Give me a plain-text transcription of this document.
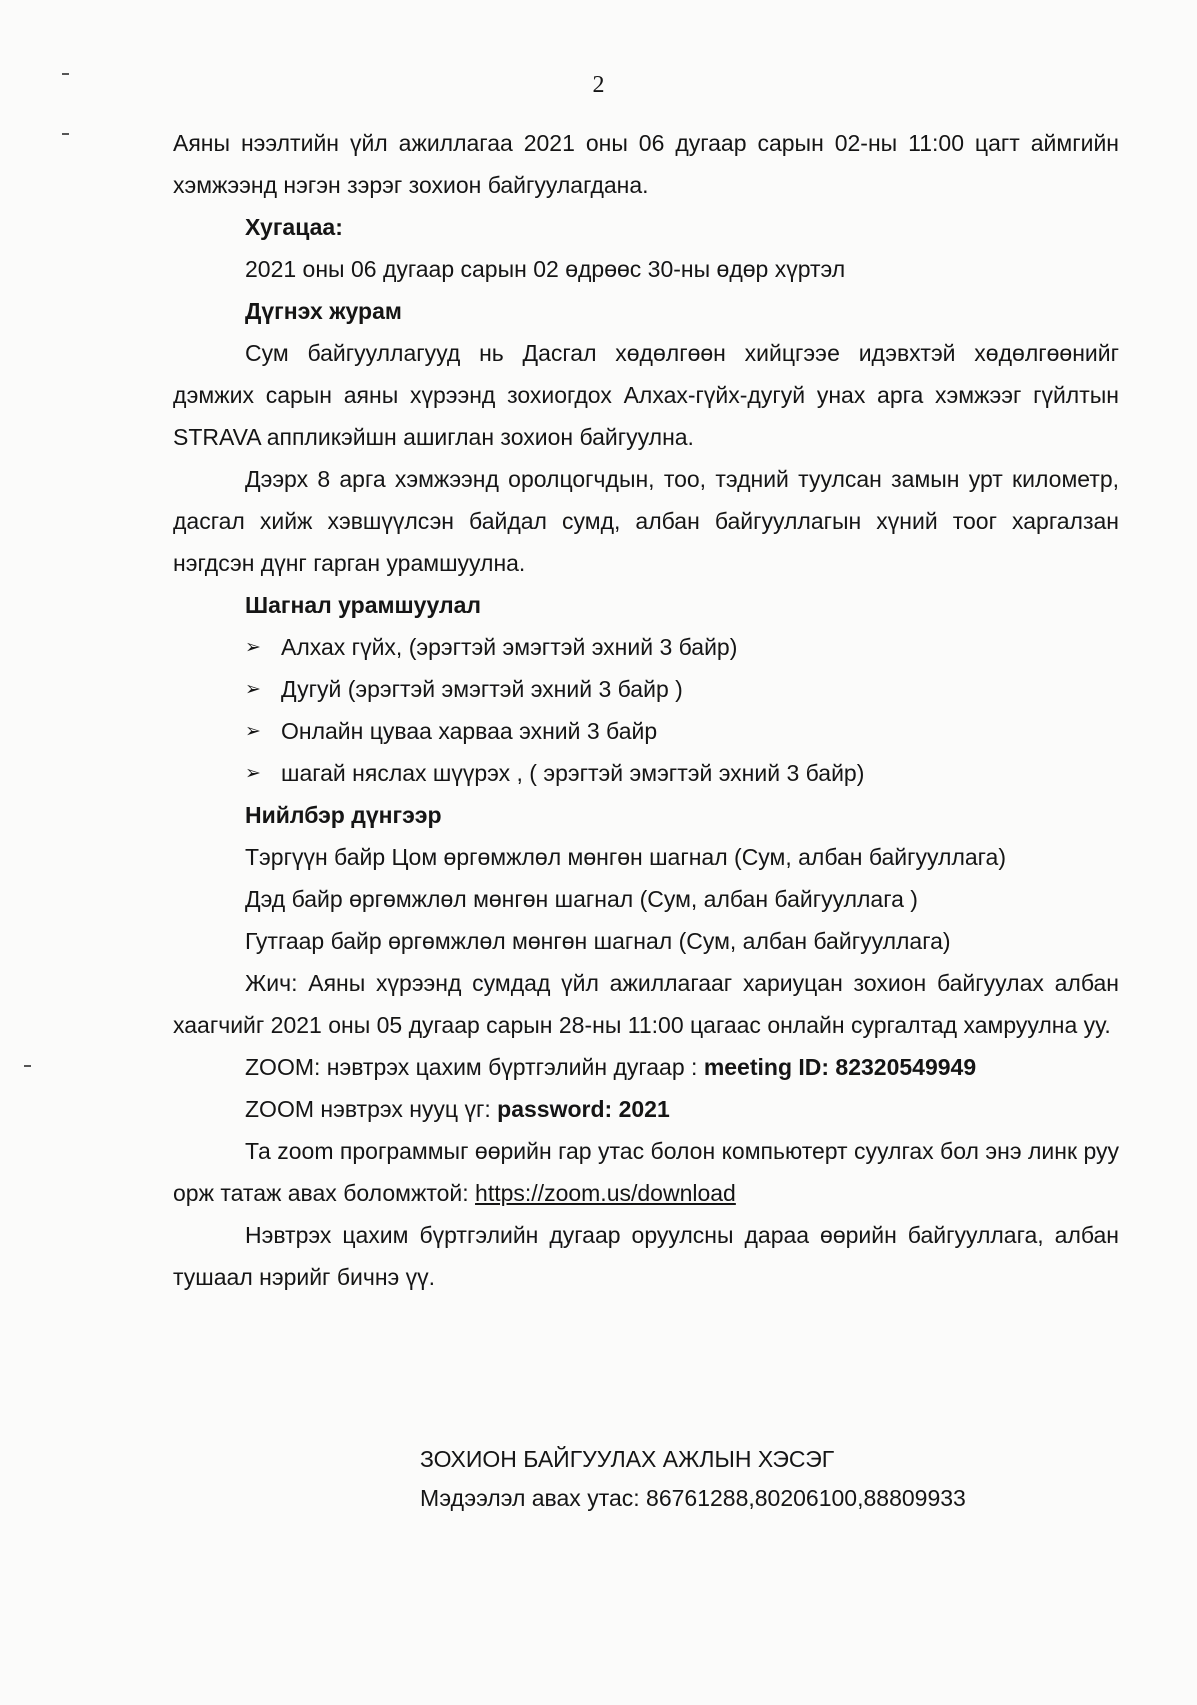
2

Аяны нээлтийн үйл ажиллагаа 2021 оны 06 дугаар сарын 02-ны 11:00 цагт аймгийн хэмжээнд нэгэн зэрэг зохион байгуулагдана.

Хугацаа:

2021 оны 06 дугаар сарын 02 өдрөөс 30-ны өдөр хүртэл

Дүгнэх журам

Сум байгууллагууд нь Дасгал хөдөлгөөн хийцгээе идэвхтэй хөдөлгөөнийг дэмжих сарын аяны хүрээнд зохиогдох Алхах-гүйх-дугуй унах арга хэмжээг гүйлтын STRAVA аппликэйшн ашиглан зохион байгуулна.

Дээрх 8 арга хэмжээнд оролцогчдын, тоо, тэдний туулсан замын урт километр, дасгал хийж хэвшүүлсэн байдал сумд, албан байгууллагын хүний тоог харгалзан нэгдсэн дүнг гарган урамшуулна.

Шагнал урамшуулал

➢ Алхах гүйх, (эрэгтэй эмэгтэй эхний 3 байр)
➢ Дугуй (эрэгтэй эмэгтэй эхний 3 байр )
➢ Онлайн цуваа харваа эхний 3 байр
➢ шагай няслах шүүрэх , ( эрэгтэй эмэгтэй эхний 3 байр)

Нийлбэр дүнгээр

Тэргүүн байр Цом өргөмжлөл мөнгөн шагнал (Сум, албан байгууллага)

Дэд байр өргөмжлөл мөнгөн шагнал (Сум, албан байгууллага )

Гутгаар байр өргөмжлөл мөнгөн шагнал (Сум, албан байгууллага)

Жич: Аяны хүрээнд сумдад үйл ажиллагааг хариуцан зохион байгуулах албан хаагчийг 2021 оны 05 дугаар сарын 28-ны 11:00 цагаас онлайн сургалтад хамруулна уу.

ZOOM: нэвтрэх цахим бүртгэлийн дугаар : meeting ID: 82320549949

ZOOM нэвтрэх нууц үг: password: 2021

Та zoom программыг өөрийн гар утас болон компьютерт суулгах бол энэ линк руу орж татаж авах боломжтой: https://zoom.us/download

Нэвтрэх цахим бүртгэлийн дугаар оруулсны дараа өөрийн байгууллага, албан тушаал нэрийг бичнэ үү.

ЗОХИОН БАЙГУУЛАХ АЖЛЫН ХЭСЭГ
Мэдээлэл авах утас: 86761288,80206100,88809933
